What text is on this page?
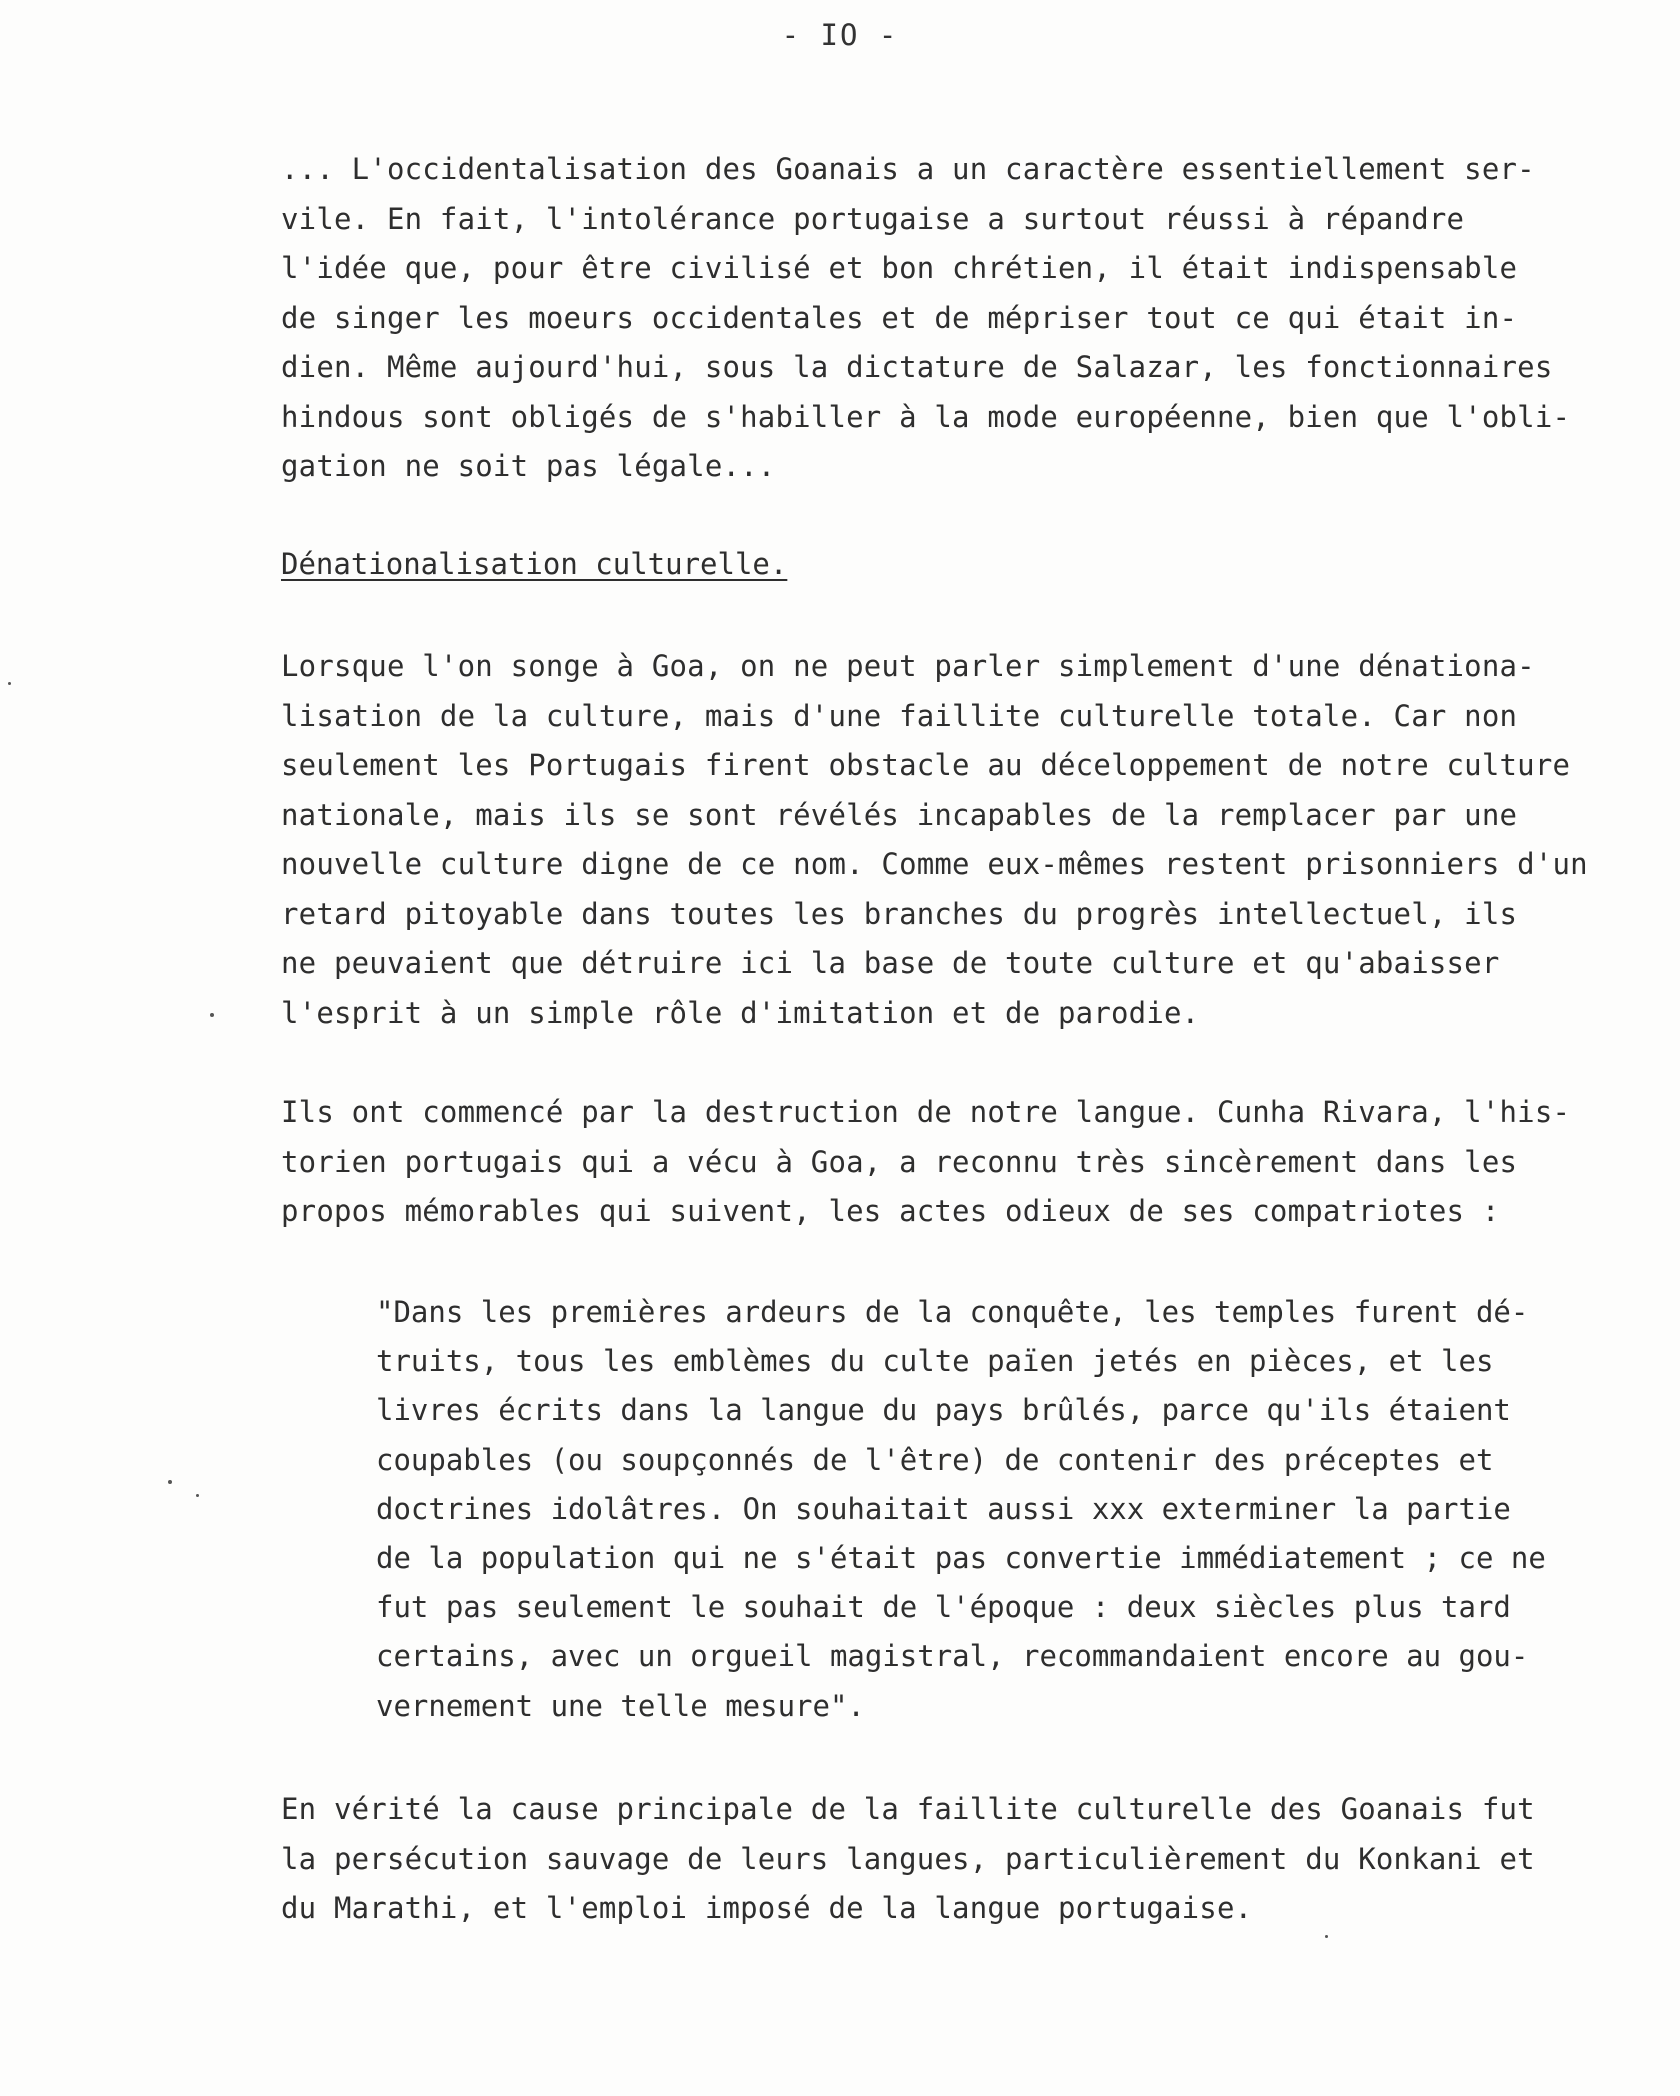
- IO -

... L'occidentalisation des Goanais a un caractère essentiellement ser-
vile. En fait, l'intolérance portugaise a surtout réussi à répandre
l'idée que, pour être civilisé et bon chrétien, il était indispensable
de singer les moeurs occidentales et de mépriser tout ce qui était in-
dien. Même aujourd'hui, sous la dictature de Salazar, les fonctionnaires
hindous sont obligés de s'habiller à la mode européenne, bien que l'obli-
gation ne soit pas légale...

Dénationalisation culturelle.

Lorsque l'on songe à Goa, on ne peut parler simplement d'une dénationa-
lisation de la culture, mais d'une faillite culturelle totale. Car non
seulement les Portugais firent obstacle au déceloppement de notre culture
nationale, mais ils se sont révélés incapables de la remplacer par une
nouvelle culture digne de ce nom. Comme eux-mêmes restent prisonniers d'un
retard pitoyable dans toutes les branches du progrès intellectuel, ils
ne peuvaient que détruire ici la base de toute culture et qu'abaisser
l'esprit à un simple rôle d'imitation et de parodie.

Ils ont commencé par la destruction de notre langue. Cunha Rivara, l'his-
torien portugais qui a vécu à Goa, a reconnu très sincèrement dans les
propos mémorables qui suivent, les actes odieux de ses compatriotes :

"Dans les premières ardeurs de la conquête, les temples furent dé-
truits, tous les emblèmes du culte païen jetés en pièces, et les
livres écrits dans la langue du pays brûlés, parce qu'ils étaient
coupables (ou soupçonnés de l'être) de contenir des préceptes et
doctrines idolâtres. On souhaitait aussi xxx exterminer la partie
de la population qui ne s'était pas convertie immédiatement ; ce ne
fut pas seulement le souhait de l'époque : deux siècles plus tard
certains, avec un orgueil magistral, recommandaient encore au gou-
vernement une telle mesure".

En vérité la cause principale de la faillite culturelle des Goanais fut
la persécution sauvage de leurs langues, particulièrement du Konkani et
du Marathi, et l'emploi imposé de la langue portugaise.
